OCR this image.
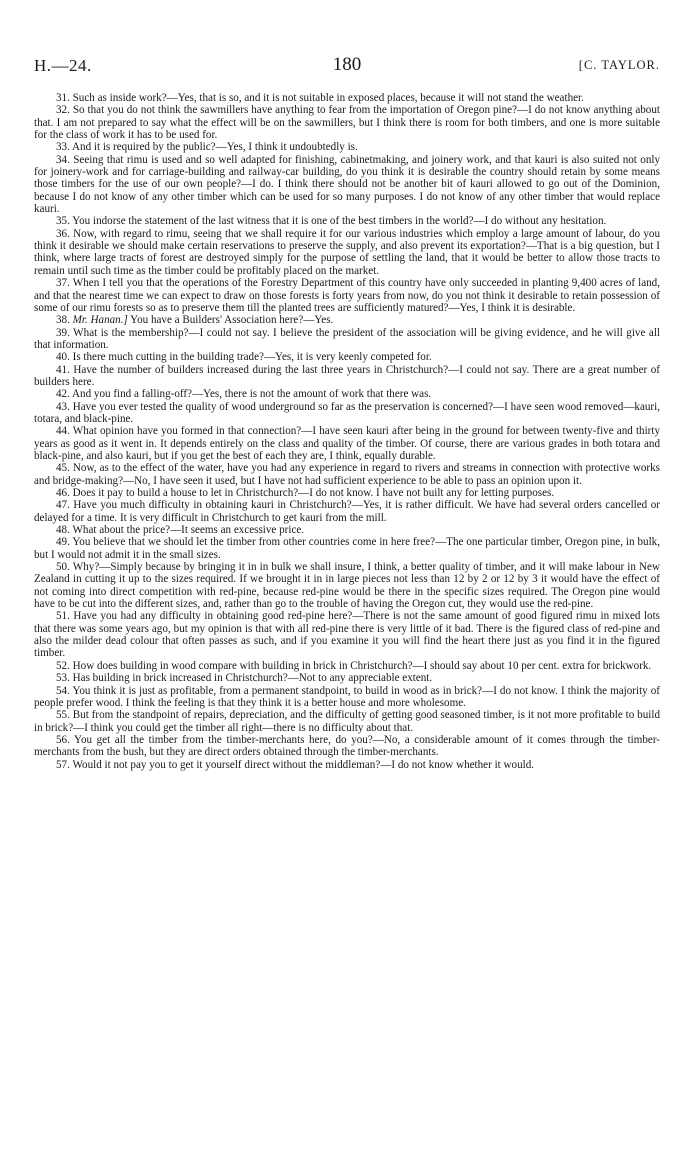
H.—24.	180	[C. TAYLOR.

31. Such as inside work?—Yes, that is so, and it is not suitable in exposed places, because it will not stand the weather.

32. So that you do not think the sawmillers have anything to fear from the importation of Oregon pine?—I do not know anything about that. I am not prepared to say what the effect will be on the sawmillers, but I think there is room for both timbers, and one is more suitable for the class of work it has to be used for.

33. And it is required by the public?—Yes, I think it undoubtedly is.

34. Seeing that rimu is used and so well adapted for finishing, cabinetmaking, and joinery work, and that kauri is also suited not only for joinery-work and for carriage-building and railway-car building, do you think it is desirable the country should retain by some means those timbers for the use of our own people?—I do. I think there should not be another bit of kauri allowed to go out of the Dominion, because I do not know of any other timber which can be used for so many purposes. I do not know of any other timber that would replace kauri.

35. You indorse the statement of the last witness that it is one of the best timbers in the world?—I do without any hesitation.

36. Now, with regard to rimu, seeing that we shall require it for our various industries which employ a large amount of labour, do you think it desirable we should make certain reservations to preserve the supply, and also prevent its exportation?—That is a big question, but I think, where large tracts of forest are destroyed simply for the purpose of settling the land, that it would be better to allow those tracts to remain until such time as the timber could be profitably placed on the market.

37. When I tell you that the operations of the Forestry Department of this country have only succeeded in planting 9,400 acres of land, and that the nearest time we can expect to draw on those forests is forty years from now, do you not think it desirable to retain possession of some of our rimu forests so as to preserve them till the planted trees are sufficiently matured?—Yes, I think it is desirable.

38. Mr. Hanan.] You have a Builders' Association here?—Yes.

39. What is the membership?—I could not say. I believe the president of the association will be giving evidence, and he will give all that information.

40. Is there much cutting in the building trade?—Yes, it is very keenly competed for.

41. Have the number of builders increased during the last three years in Christchurch?—I could not say. There are a great number of builders here.

42. And you find a falling-off?—Yes, there is not the amount of work that there was.

43. Have you ever tested the quality of wood underground so far as the preservation is concerned?—I have seen wood removed—kauri, totara, and black-pine.

44. What opinion have you formed in that connection?—I have seen kauri after being in the ground for between twenty-five and thirty years as good as it went in. It depends entirely on the class and quality of the timber. Of course, there are various grades in both totara and black-pine, and also kauri, but if you get the best of each they are, I think, equally durable.

45. Now, as to the effect of the water, have you had any experience in regard to rivers and streams in connection with protective works and bridge-making?—No, I have seen it used, but I have not had sufficient experience to be able to pass an opinion upon it.

46. Does it pay to build a house to let in Christchurch?—I do not know. I have not built any for letting purposes.

47. Have you much difficulty in obtaining kauri in Christchurch?—Yes, it is rather difficult. We have had several orders cancelled or delayed for a time. It is very difficult in Christchurch to get kauri from the mill.

48. What about the price?—It seems an excessive price.

49. You believe that we should let the timber from other countries come in here free?—The one particular timber, Oregon pine, in bulk, but I would not admit it in the small sizes.

50. Why?—Simply because by bringing it in in bulk we shall insure, I think, a better quality of timber, and it will make labour in New Zealand in cutting it up to the sizes required. If we brought it in in large pieces not less than 12 by 2 or 12 by 3 it would have the effect of not coming into direct competition with red-pine, because red-pine would be there in the specific sizes required. The Oregon pine would have to be cut into the different sizes, and, rather than go to the trouble of having the Oregon cut, they would use the red-pine.

51. Have you had any difficulty in obtaining good red-pine here?—There is not the same amount of good figured rimu in mixed lots that there was some years ago, but my opinion is that with all red-pine there is very little of it bad. There is the figured class of red-pine and also the milder dead colour that often passes as such, and if you examine it you will find the heart there just as you find it in the figured timber.

52. How does building in wood compare with building in brick in Christchurch?—I should say about 10 per cent. extra for brickwork.

53. Has building in brick increased in Christchurch?—Not to any appreciable extent.

54. You think it is just as profitable, from a permanent standpoint, to build in wood as in brick?—I do not know. I think the majority of people prefer wood. I think the feeling is that they think it is a better house and more wholesome.

55. But from the standpoint of repairs, depreciation, and the difficulty of getting good seasoned timber, is it not more profitable to build in brick?—I think you could get the timber all right—there is no difficulty about that.

56. You get all the timber from the timber-merchants here, do you?—No, a considerable amount of it comes through the timber-merchants from the bush, but they are direct orders obtained through the timber-merchants.

57. Would it not pay you to get it yourself direct without the middleman?—I do not know whether it would.
